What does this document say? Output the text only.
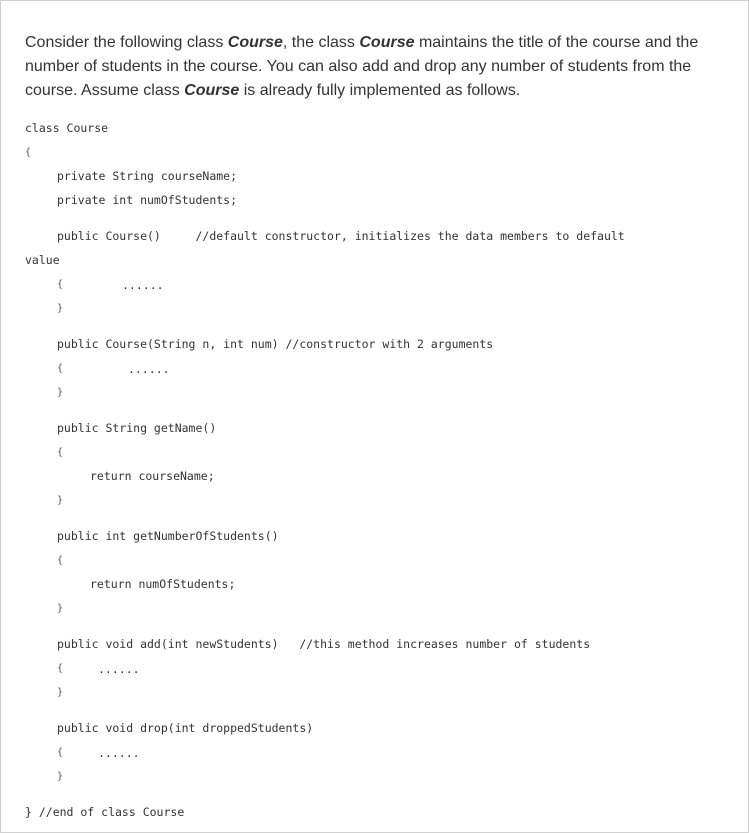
Consider the following class Course, the class Course maintains the title of the course and the number of students in the course. You can also add and drop any number of students from the course. Assume class Course is already fully implemented as follows.

class Course
{
private String courseName;
private int numOfStudents;
public Course()     //default constructor, initializes the data members to default
value
{	......
}
public Course(String n, int num) //constructor with 2 arguments
{	......
}
public String getName()
{
return courseName;
}
public int getNumberOfStudents()
{
return numOfStudents;
}
public void add(int newStudents)   //this method increases number of students
{	......
}
public void drop(int droppedStudents)
{	......
}
} //end of class Course
